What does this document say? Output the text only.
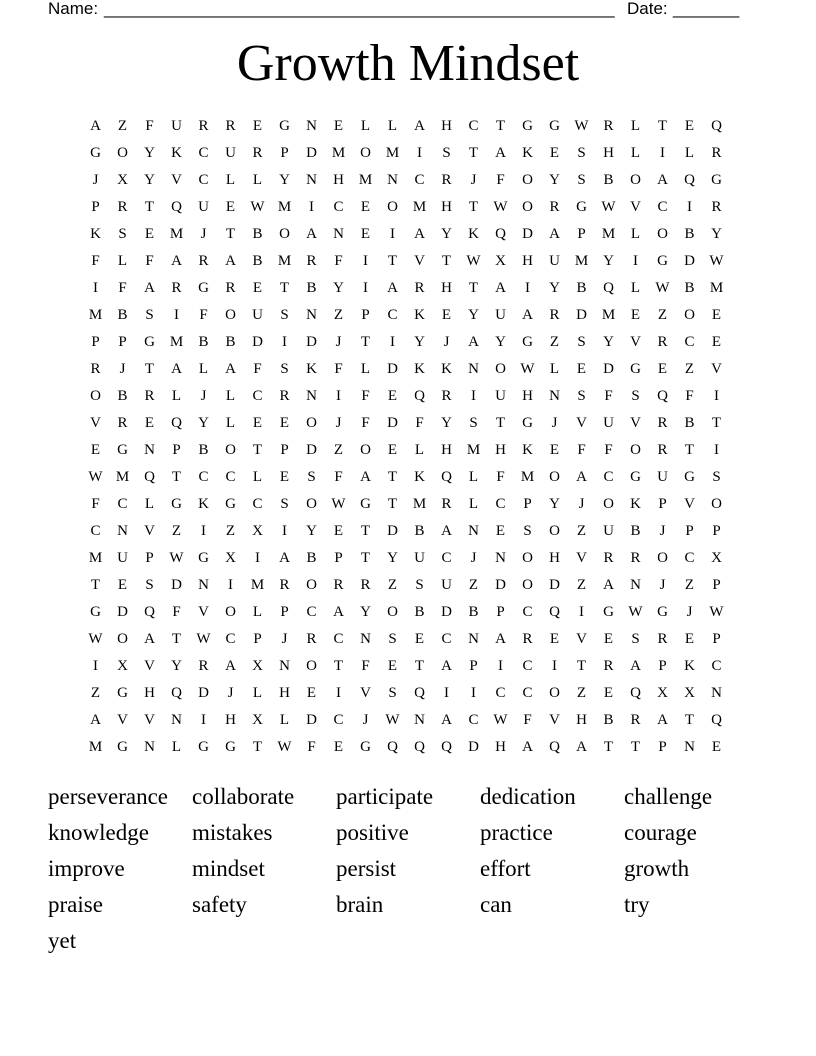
Name: ______________________________________________________ Date: _______
Growth Mindset
A	Z	F	U	R	R	E	G	N	E	L	L	A	H	C	T	G	G W R	L	T	E	Q
G	O	Y	K	C	U	R	P	D M O M	I	S	T	A	K	E	S	H	L	I	L	R
J	X	Y	V	C	L	L	Y	N	H M N	C	R	J	F	O	Y	S	B	O	A	Q	G
P	R	T	Q	U	E	W M	I	C	E	O M H	T	W O	R	G W V	C	I	R
K	S	E	M	J	T	B	O	A	N	E	I	A	Y	K	Q	D	A	P	M	L	O	B	Y
F	L	F	A	R	A	B	M	R	F	I	T	V	T	W X	H	U M Y	I	G	D W
I	F	A	R	G	R	E	T	B	Y	I	A	R	H	T	A	I	Y	B	Q	L	W B	M
M	B	S	I	F	O	U	S	N	Z	P	C	K	E	Y	U	A	R	D M	E	Z	O	E
P	P	G M	B	B	D	I	D	J	T	I	Y	J	A	Y	G	Z	S	Y	V	R	C	E
R	J	T	A	L	A	F	S	K	F	L	D	K	K	N	O W	L	E	D	G	E	Z	V
O	B	R	L	J	L	C	R	N	I	F	E	Q	R	I	U	H	N	S	F	S	Q	F	I
V	R	E	Q	Y	L	E	E	O	J	F	D	F	Y	S	T	G	J	V	U	V	R	B	T
E	G	N	P	B	O	T	P	D	Z	O	E	L	H M H	K	E	F	F	O	R	T	I
W M Q	T	C	C	L	E	S	F	A	T	K	Q	L	F	M O	A	C	G	U	G	S
F	C	L	G	K	G	C	S	O W G	T	M	R	L	C	P	Y	J	O	K	P	V	O
C	N	V	Z	I	Z	X	I	Y	E	T	D	B	A	N	E	S	O	Z	U	B	J	P	P
M U	P	W G	X	I	A	B	P	T	Y	U	C	J	N	O	H	V	R	R	O	C	X
T	E	S	D	N	I	M	R	O	R	R	Z	S	U	Z	D	O	D	Z	A	N	J	Z	P
G	D	Q	F	V	O	L	P	C	A	Y	O	B	D	B	P	C	Q	I	G W G	J	W
W O	A	T	W C	P	J	R	C	N	S	E	C	N	A	R	E	V	E	S	R	E	P
I	X	V	Y	R	A	X	N	O	T	F	E	T	A	P	I	C	I	T	R	A	P	K	C
Z	G	H	Q	D	J	L	H	E	I	V	S	Q	I	I	C	C	O	Z	E	Q	X	X	N
A	V	V	N	I	H	X	L	D	C	J	W N	A	C W	F	V	H	B	R	A	T	Q
M G	N	L	G	G	T	W	F	E	G	Q	Q	Q	D	H	A	Q	A	T	T	P	N	E
perseverance	collaborate	participate	dedication	challenge
knowledge	mistakes	positive	practice	courage
improve	mindset	persist	effort	growth
praise	safety	brain	can	try
yet
